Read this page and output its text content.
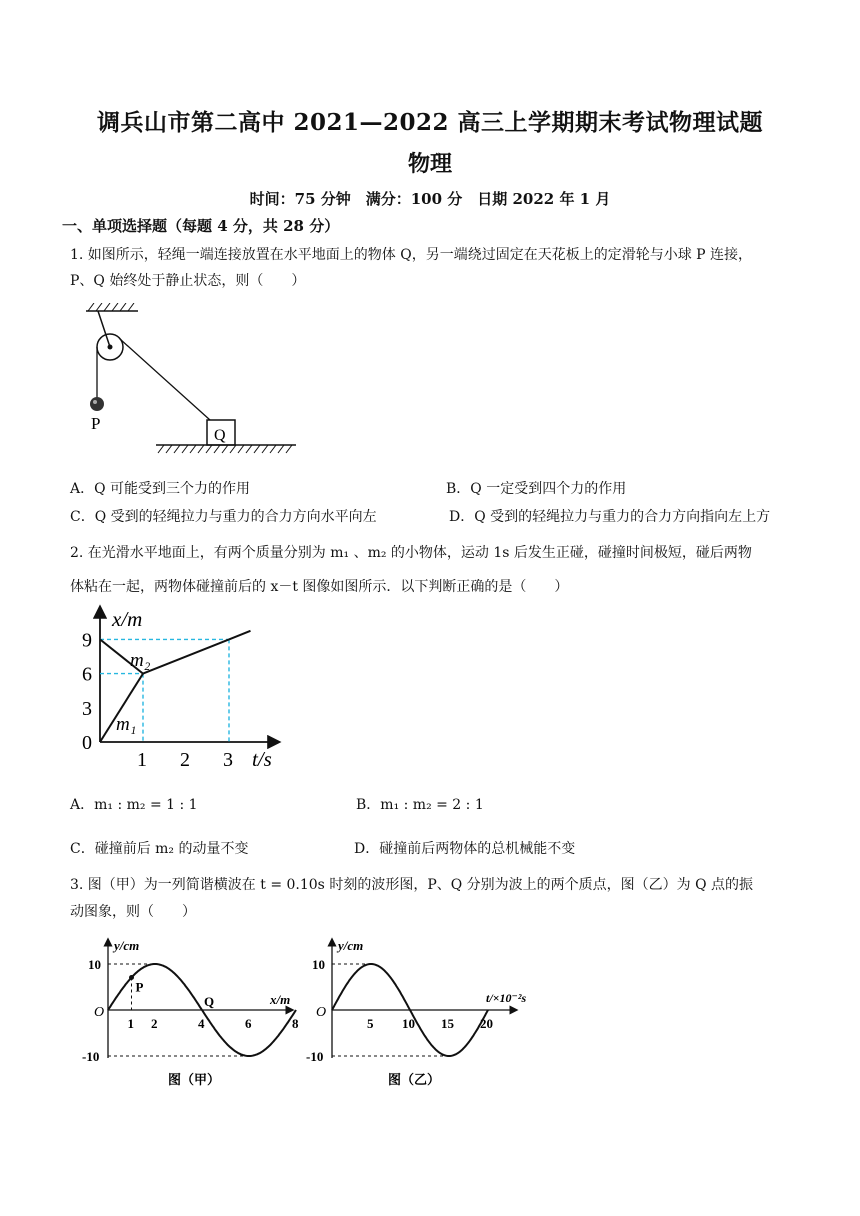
调兵山市第二高中 2021—2022 高三上学期期末考试物理试题
物理
时间：75 分钟　满分：100 分　日期 2022 年 1 月
一、单项选择题（每题 4 分，共 28 分）
1. 如图所示，轻绳一端连接放置在水平地面上的物体 Q，另一端绕过固定在天花板上的定滑轮与小球 P 连接，
P、Q 始终处于静止状态，则（　　）
P
Q
A．Q 可能受到三个力的作用	B．Q 一定受到四个力的作用
C．Q 受到的轻绳拉力与重力的合力方向水平向左	D．Q 受到的轻绳拉力与重力的合力方向指向左上方
2. 在光滑水平地面上，有两个质量分别为 m₁ 、m₂ 的小物体，运动 1s 后发生正碰，碰撞时间极短，碰后两物
体粘在一起，两物体碰撞前后的 x－t 图像如图所示．以下判断正确的是（　　）
x/m
t/s
0
3
6
9
1 2 3
m₂
m₁
A．m₁ : m₂ = 1 : 1	B．m₁ : m₂ = 2 : 1
C．碰撞前后 m₂ 的动量不变	D．碰撞前后两物体的总机械能不变
3. 图（甲）为一列简谐横波在 t = 0.10s 时刻的波形图，P、Q 分别为波上的两个质点，图（乙）为 Q 点的振
动图象，则（　　）
y/cm
x/m
O
10
-10
1 2	4	6	8
P
Q
图（甲）
y/cm
t/×10⁻²s
O
10
-10
5 10 15 20
图（乙）
